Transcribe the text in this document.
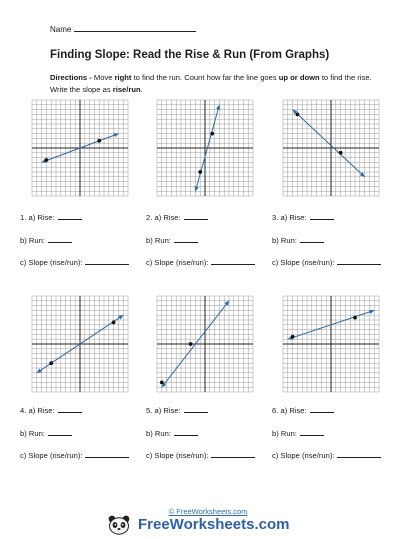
Name
Finding Slope: Read the Rise & Run (From Graphs)
Directions - Move right to find the run. Count how far the line goes up or down to find the rise. Write the slope as rise/run.
1. a) Rise:
b) Run:
c) Slope (rise/run):
2. a) Rise:
b) Run:
c) Slope (rise/run):
3. a) Rise:
b) Run:
c) Slope (rise/run):
4. a) Rise:
b) Run:
c) Slope (rise/run):
5. a) Rise:
b) Run:
c) Slope (rise/run):
6. a) Rise:
b) Run:
c) Slope (rise/run):
© FreeWorksheets.com
FreeWorksheets.com
